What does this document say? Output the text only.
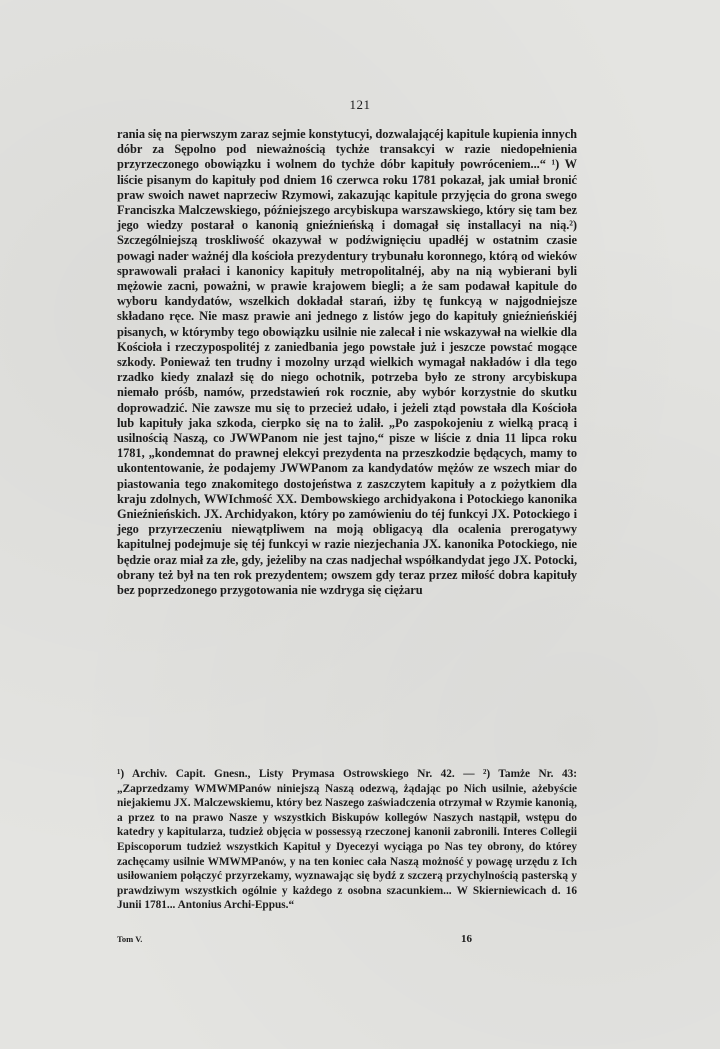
121

rania się na pierwszym zaraz sejmie konstytucyi, dozwalającéj kapitule kupienia innych dóbr za Sępolno pod nieważnością tychże transakcyi w razie niedopełnienia przyrzeczonego obowiązku i wolnem do tychże dóbr kapituły powróceniem...“ ¹) W liście pisanym do kapituły pod dniem 16 czerwca roku 1781 pokazał, jak umiał bronić praw swoich nawet naprzeciw Rzymowi, zakazując kapitule przyjęcia do grona swego Franciszka Malczewskiego, późniejszego arcybiskupa warszawskiego, który się tam bez jego wiedzy postarał o kanonią gnieźnieńską i domagał się installacyi na nią.²) Szczególniejszą troskliwość okazywał w podźwignięciu upadłéj w ostatnim czasie powagi nader ważnéj dla kościoła prezydentury trybunału koronnego, którą od wieków sprawowali prałaci i kanonicy kapituły metropolitalnéj, aby na nią wybierani byli mężowie zacni, poważni, w prawie krajowem biegli; a że sam podawał kapitule do wyboru kandydatów, wszelkich dokładał starań, iżby tę funkcyą w najgodniejsze składano ręce. Nie masz prawie ani jednego z listów jego do kapituły gnieźnieńskiéj pisanych, w którymby tego obowiązku usilnie nie zalecał i nie wskazywał na wielkie dla Kościoła i rzeczypospolitéj z zaniedbania jego powstałe już i jeszcze powstać mogące szkody. Ponieważ ten trudny i mozolny urząd wielkich wymagał nakładów i dla tego rzadko kiedy znalazł się do niego ochotnik, potrzeba było ze strony arcybiskupa niemało próśb, namów, przedstawień rok rocznie, aby wybór korzystnie do skutku doprowadzić. Nie zawsze mu się to przecież udało, i jeżeli ztąd powstała dla Kościoła lub kapituły jaka szkoda, cierpko się na to żalił. „Po zaspokojeniu z wielką pracą i usilnością Naszą, co JWWPanom nie jest tajno,“ pisze w liście z dnia 11 lipca roku 1781, „kondemnat do prawnej elekcyi prezydenta na przeszkodzie będących, mamy to ukontentowanie, że podajemy JWWPanom za kandydatów mężów ze wszech miar do piastowania tego znakomitego dostojeństwa z zaszczytem kapituły a z pożytkiem dla kraju zdolnych, WWIchmość XX. Dembowskiego archidyakona i Potockiego kanonika Gnieźnieńskich. JX. Archidyakon, który po zamówieniu do téj funkcyi JX. Potockiego i jego przyrzeczeniu niewątpliwem na moją obligacyą dla ocalenia prerogatywy kapitulnej podejmuje się téj funkcyi w razie niezjechania JX. kanonika Potockiego, nie będzie oraz miał za złe, gdy, jeżeliby na czas nadjechał współkandydat jego JX. Potocki, obrany też był na ten rok prezydentem; owszem gdy teraz przez miłość dobra kapituły bez poprzedzonego przygotowania nie wzdryga się ciężaru

¹) Archiv. Capit. Gnesn., Listy Prymasa Ostrowskiego Nr. 42. — ²) Tamże Nr. 43: „Zaprzedzamy WMWMPanów niniejszą Naszą odezwą, żądając po Nich usilnie, ażebyście niejakiemu JX. Malczewskiemu, który bez Naszego zaświadczenia otrzymał w Rzymie kanonią, a przez to na prawo Nasze y wszystkich Biskupów kollegów Naszych nastąpił, wstępu do katedry y kapitularza, tudzież objęcia w possessyą rzeczonej kanonii zabronili. Interes Collegii Episcoporum tudzież wszystkich Kapituł y Dyecezyi wyciąga po Nas tey obrony, do którey zachęcamy usilnie WMWMPanów, y na ten koniec cała Naszą możność y powagę urzędu z Ich usiłowaniem połączyć przyrzekamy, wyznawając się bydź z szczerą przychylnością pasterską y prawdziwym wszystkich ogólnie y każdego z osobna szacunkiem... W Skierniewicach d. 16 Junii 1781... Antonius Archi-Eppus.“

Tom V.	16
